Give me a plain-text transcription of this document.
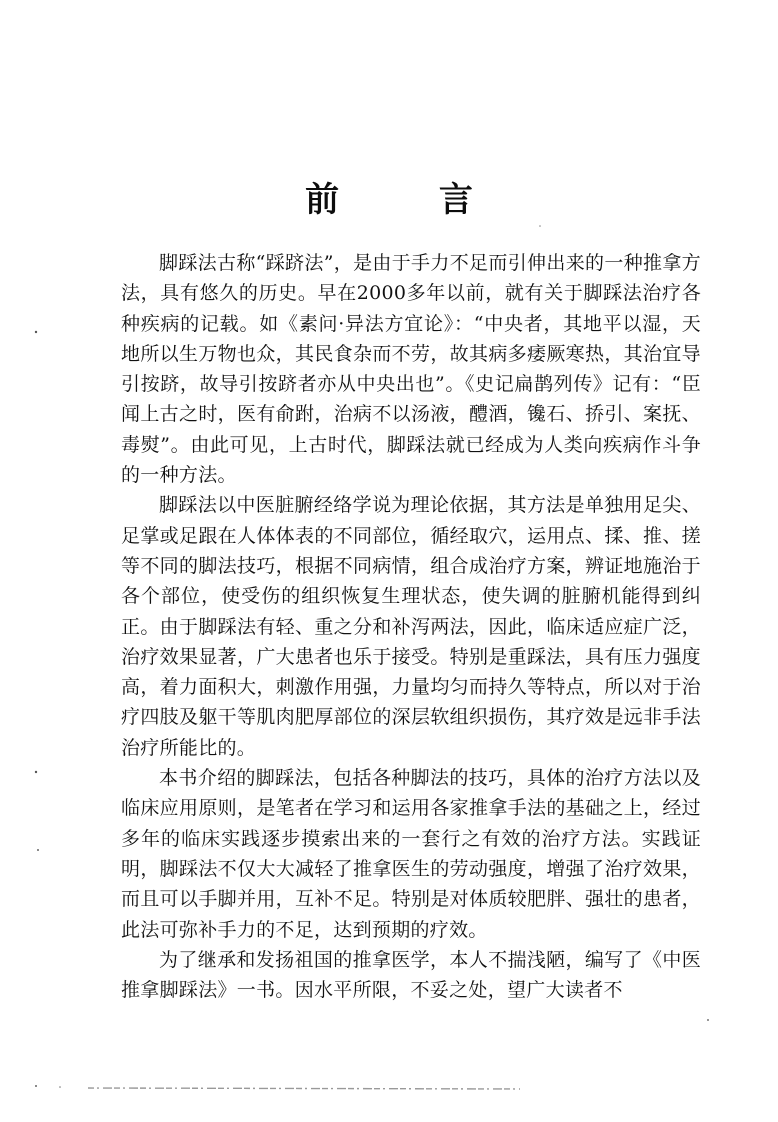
前 言

脚踩法古称“踩跻法”，是由于手力不足而引伸出来的一种推拿方法，具有悠久的历史。早在2000多年以前，就有关于脚踩法治疗各种疾病的记载。如《素问·异法方宜论》：“中央者，其地平以湿，天地所以生万物也众，其民食杂而不劳，故其病多痿厥寒热，其治宜导引按跻，故导引按跻者亦从中央出也”。《史记扁鹊列传》记有：“臣闻上古之时，医有俞跗，治病不以汤液，醴酒，镵石、挢引、案抚、毒熨”。由此可见，上古时代，脚踩法就已经成为人类向疾病作斗争的一种方法。

脚踩法以中医脏腑经络学说为理论依据，其方法是单独用足尖、足掌或足跟在人体体表的不同部位，循经取穴，运用点、揉、推、搓等不同的脚法技巧，根据不同病情，组合成治疗方案，辨证地施治于各个部位，使受伤的组织恢复生理状态，使失调的脏腑机能得到纠正。由于脚踩法有轻、重之分和补泻两法，因此，临床适应症广泛，治疗效果显著，广大患者也乐于接受。特别是重踩法，具有压力强度高，着力面积大，刺激作用强，力量均匀而持久等特点，所以对于治疗四肢及躯干等肌肉肥厚部位的深层软组织损伤，其疗效是远非手法治疗所能比的。

本书介绍的脚踩法，包括各种脚法的技巧，具体的治疗方法以及临床应用原则，是笔者在学习和运用各家推拿手法的基础之上，经过多年的临床实践逐步摸索出来的一套行之有效的治疗方法。实践证明，脚踩法不仅大大减轻了推拿医生的劳动强度，增强了治疗效果，而且可以手脚并用，互补不足。特别是对体质较肥胖、强壮的患者，此法可弥补手力的不足，达到预期的疗效。

为了继承和发扬祖国的推拿医学，本人不揣浅陋，编写了《中医推拿脚踩法》一书。因水平所限，不妥之处，望广大读者不
